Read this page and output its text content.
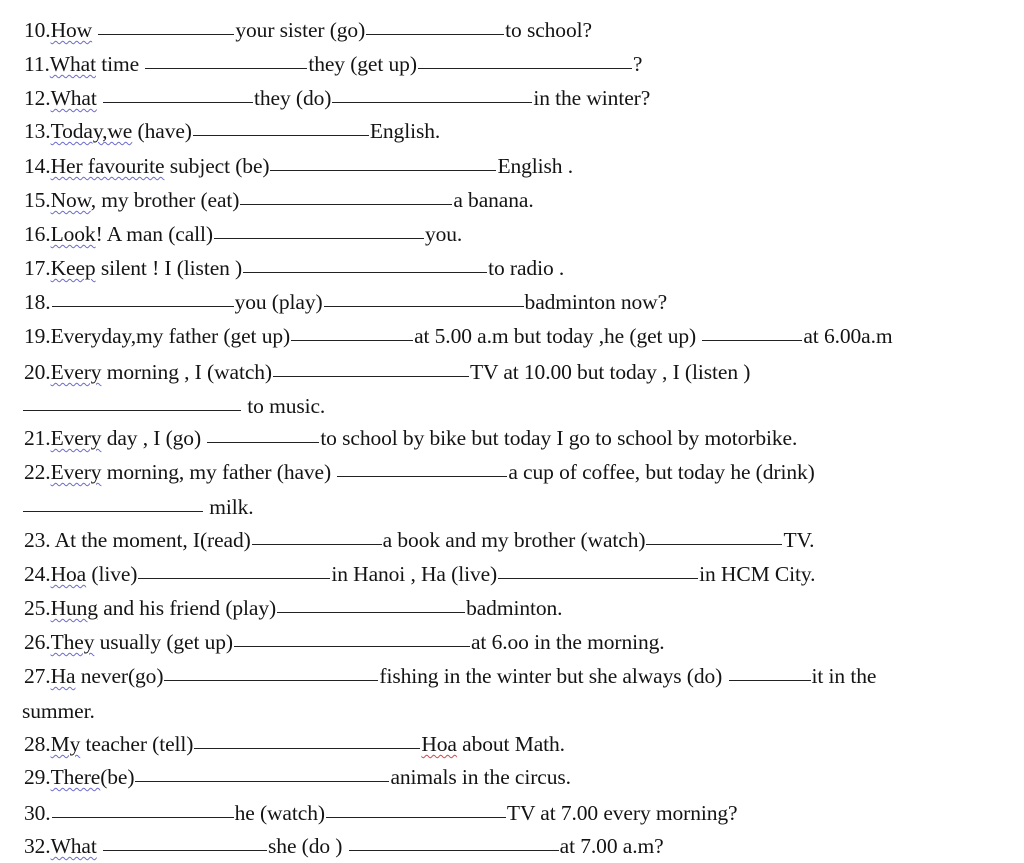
10.How	your sister (go)	to school?
11.What time	they (get up)	?
12.What	they (do)	in the winter?
13.Today,we (have)	English.
14.Her favourite subject (be)	English .
15.Now, my brother (eat)	a banana.
16.Look! A man (call)	you.
17.Keep silent ! I (listen )	to radio .
18.	you (play)	badminton now?
19.Everyday,my father (get up)	at 5.00 a.m but today ,he (get up)	at 6.00a.m
20.Every morning , I (watch)	TV at 10.00 but today , I (listen )
to music.
21.Every day , I (go)	to school by bike but today I go to school by motorbike.
22.Every morning, my father (have)	a cup of coffee, but today he (drink)
milk.
23. At the moment, I(read)	a book and my brother (watch)	TV.
24.Hoa (live)	in Hanoi , Ha (live)	in HCM City.
25.Hung and his friend (play)	badminton.
26.They usually (get up)	at 6.oo in the morning.
27.Ha never(go)	fishing in the winter but she always (do)	it in the
summer.
28.My teacher (tell)	Hoa about Math.
29.There(be)	animals in the circus.
30.	he (watch)	TV at 7.00 every morning?
32.What	she (do )	at 7.00 a.m?
